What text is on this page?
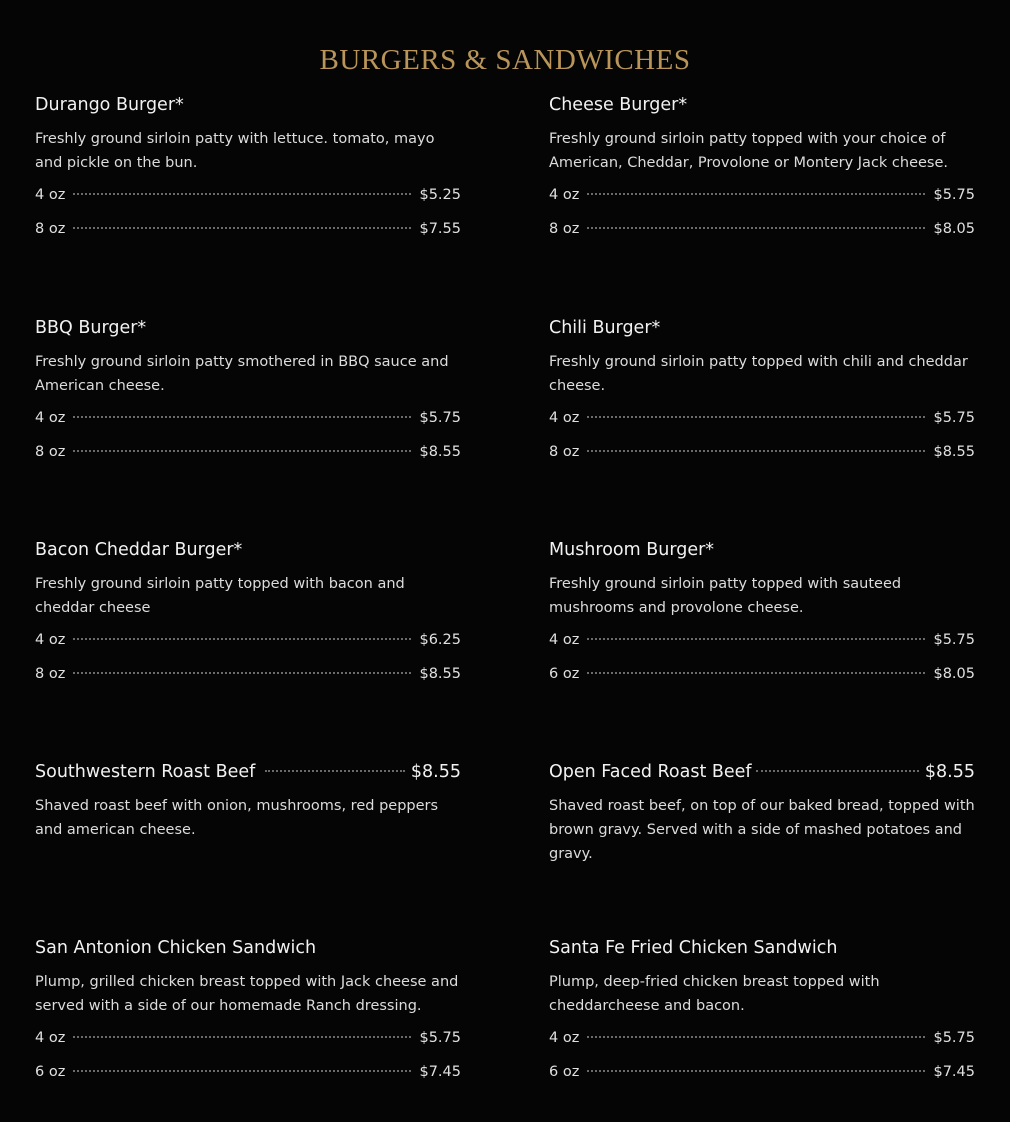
BURGERS & SANDWICHES
Durango Burger*
Freshly ground sirloin patty with lettuce. tomato, mayo and pickle on the bun.
4 oz	$5.25
8 oz	$7.55
Cheese Burger*
Freshly ground sirloin patty topped with your choice of American, Cheddar, Provolone or Montery Jack cheese.
4 oz	$5.75
8 oz	$8.05
BBQ Burger*
Freshly ground sirloin patty smothered in BBQ sauce and American cheese.
4 oz	$5.75
8 oz	$8.55
Chili Burger*
Freshly ground sirloin patty topped with chili and cheddar cheese.
4 oz	$5.75
8 oz	$8.55
Bacon Cheddar Burger*
Freshly ground sirloin patty topped with bacon and cheddar cheese
4 oz	$6.25
8 oz	$8.55
Mushroom Burger*
Freshly ground sirloin patty topped with sauteed mushrooms and provolone cheese.
4 oz	$5.75
6 oz	$8.05
Southwestern Roast Beef	$8.55
Shaved roast beef with onion, mushrooms, red peppers and american cheese.
Open Faced Roast Beef	$8.55
Shaved roast beef, on top of our baked bread, topped with brown gravy. Served with a side of mashed potatoes and gravy.
San Antonion Chicken Sandwich
Plump, grilled chicken breast topped with Jack cheese and served with a side of our homemade Ranch dressing.
4 oz	$5.75
6 oz	$7.45
Santa Fe Fried Chicken Sandwich
Plump, deep-fried chicken breast topped with cheddarcheese and bacon.
4 oz	$5.75
6 oz	$7.45
